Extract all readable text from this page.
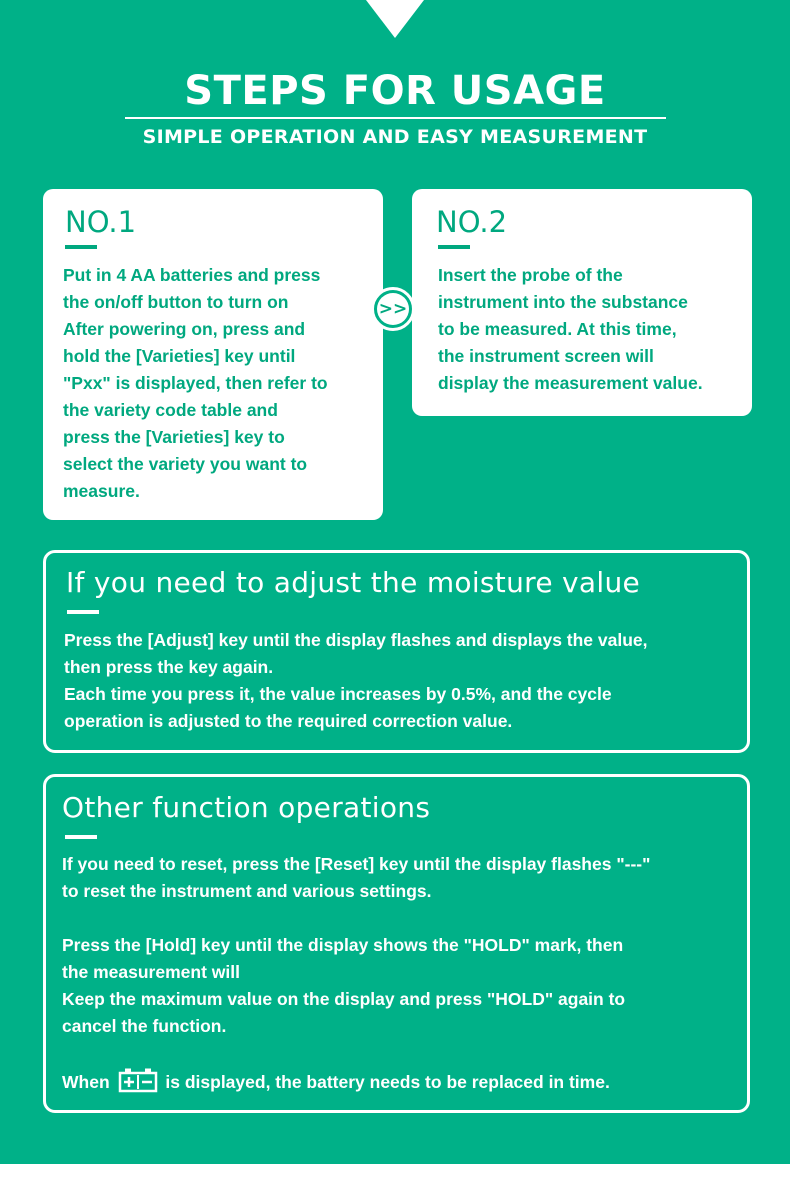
STEPS FOR USAGE
SIMPLE OPERATION AND EASY MEASUREMENT
NO.1
Put in 4 AA batteries and press
the on/off button to turn on
After powering on, press and
hold the [Varieties] key until
"Pxx" is displayed, then refer to
the variety code table and
press the [Varieties] key to
select the variety you want to
measure.
NO.2
Insert the probe of the
instrument into the substance
to be measured. At this time,
the instrument screen will
display the measurement value.
>>
If you need to adjust the moisture value
Press the [Adjust] key until the display flashes and displays the value,
then press the key again.
Each time you press it, the value increases by 0.5%, and the cycle
operation is adjusted to the required correction value.
Other function operations
If you need to reset, press the [Reset] key until the display flashes "---"
to reset the instrument and various settings.
Press the [Hold] key until the display shows the "HOLD" mark, then
the measurement will
Keep the maximum value on the display and press "HOLD" again to
cancel the function.
When	is displayed, the battery needs to be replaced in time.
